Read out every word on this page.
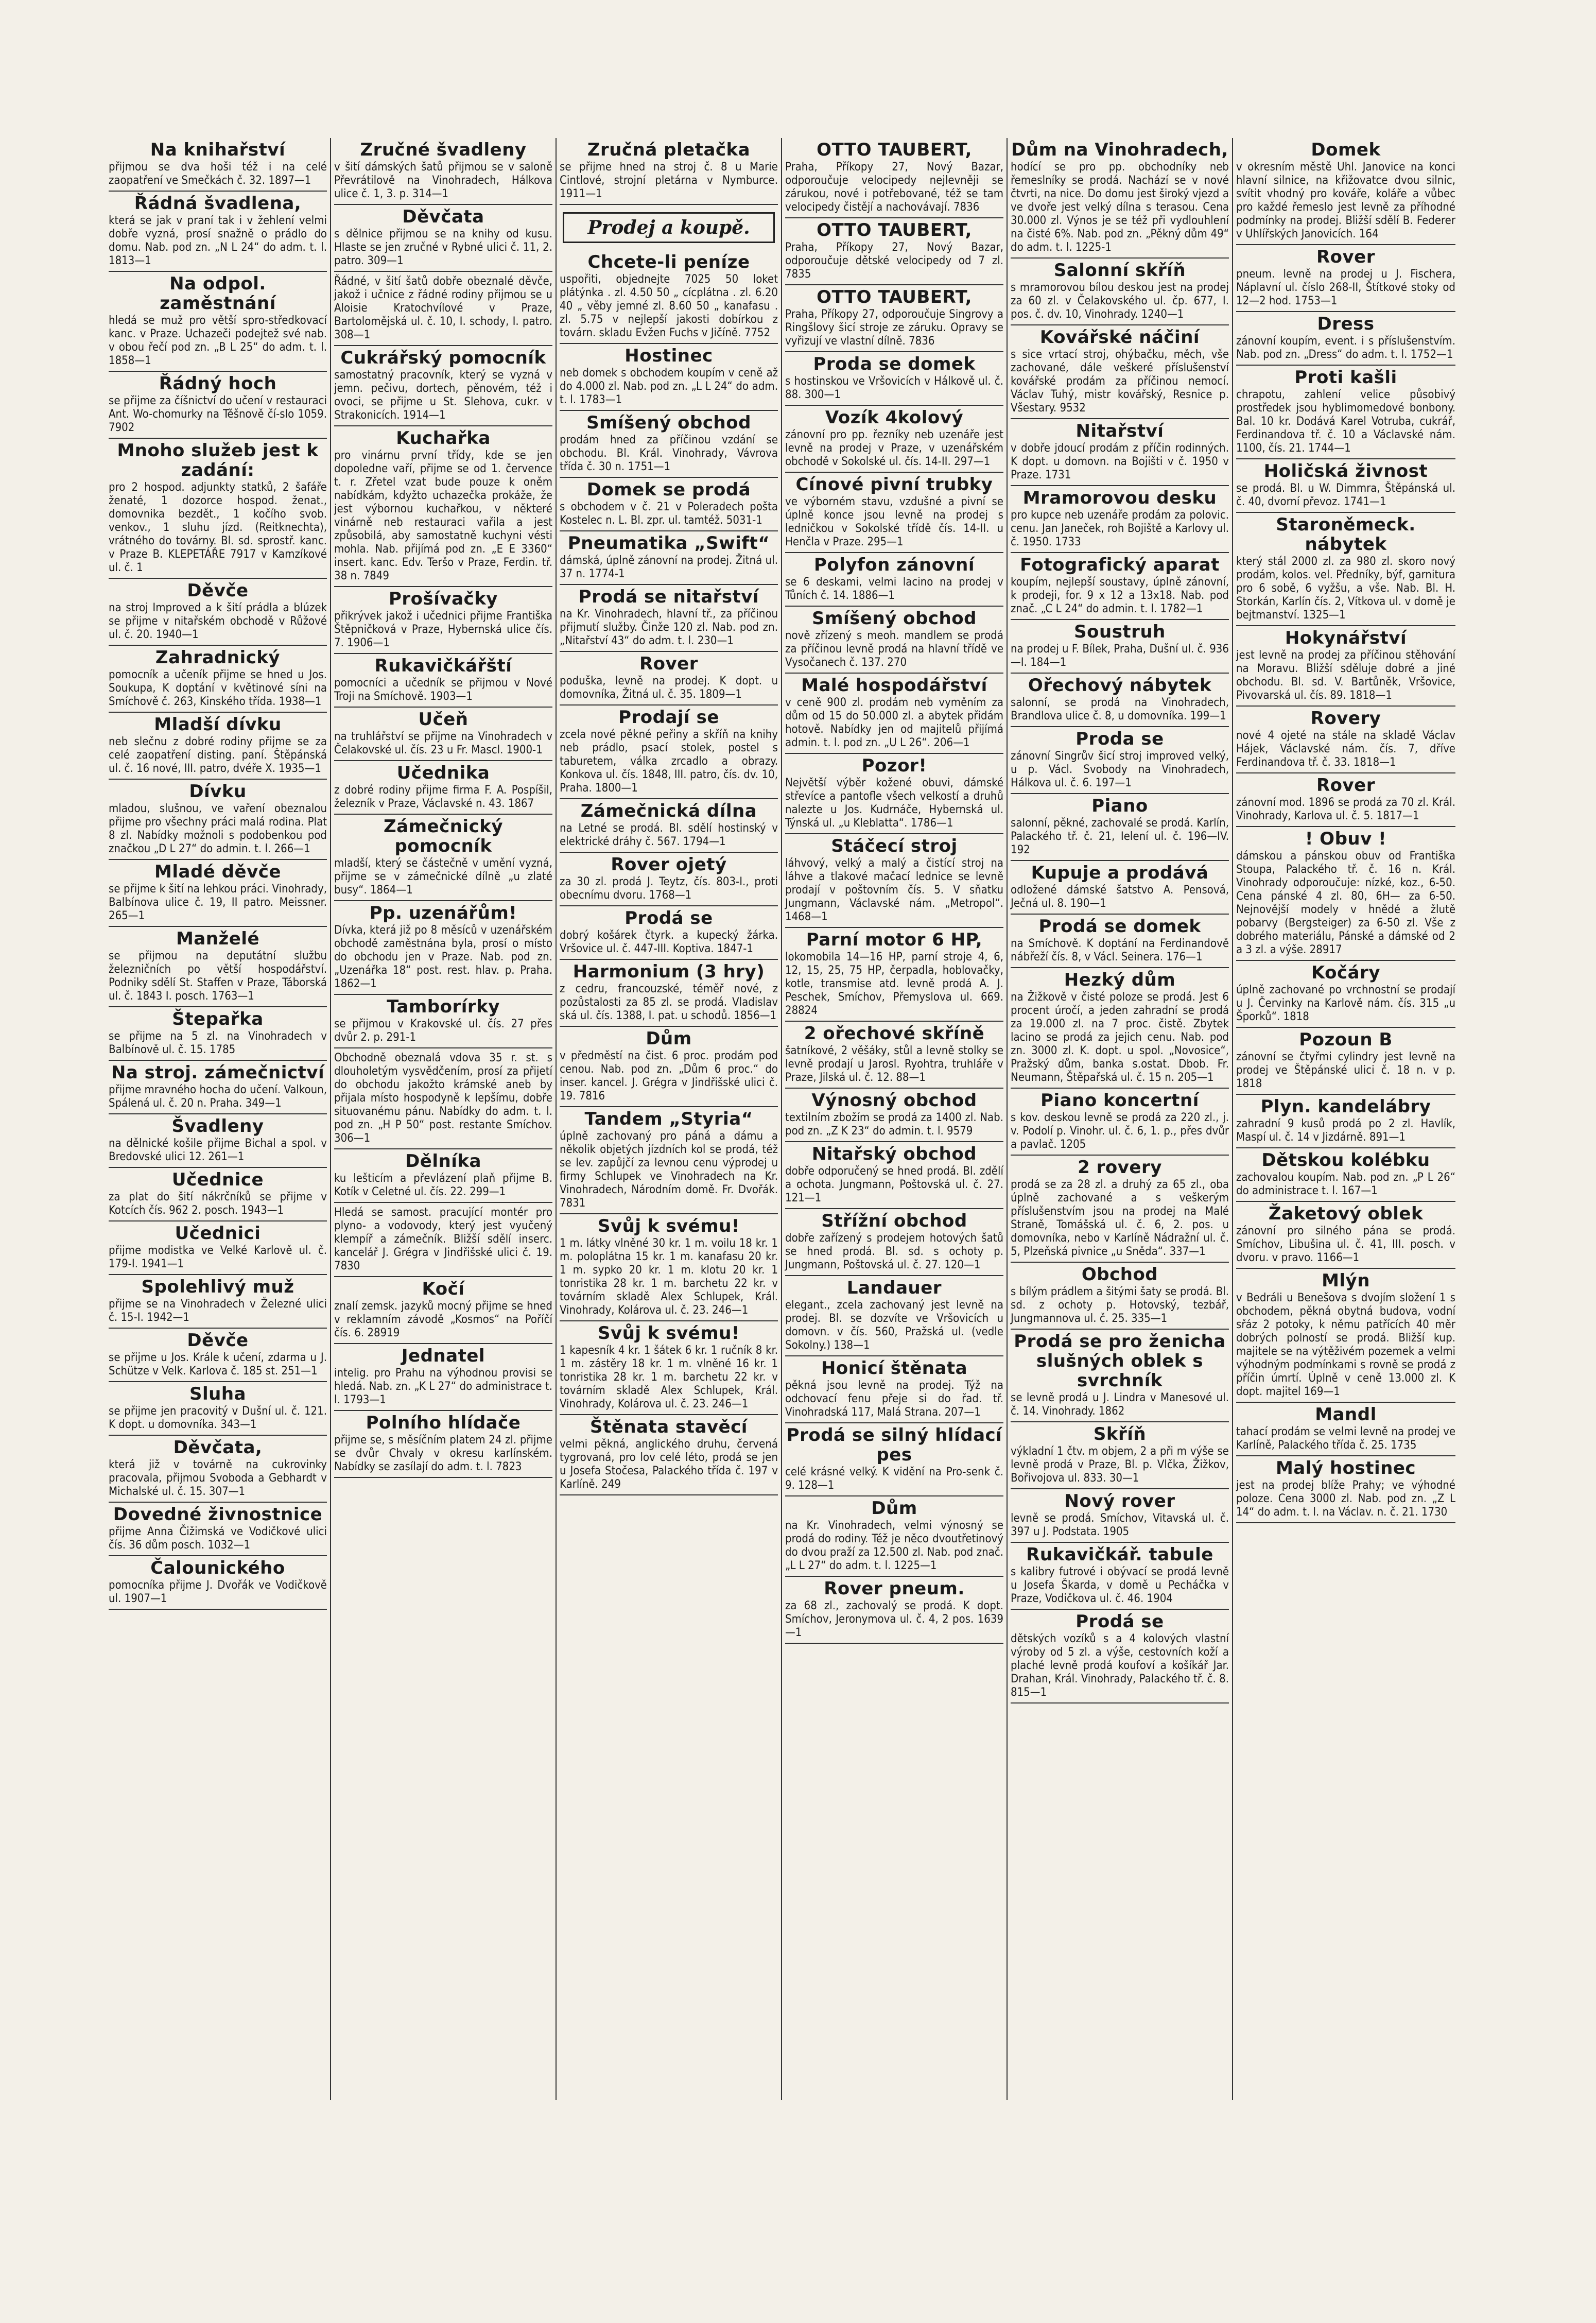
Na knihařství

přijmou se dva hoši též i na celé zaopatření ve Smečkách č. 32. 1897—1

Řádná švadlena,

která se jak v praní tak i v žehlení velmi dobře vyzná, prosí snažně o prádlo do domu. Nab. pod zn. „N L 24“ do adm. t. l. 1813—1

Na odpol. zaměstnání

hledá se muž pro větší spro-středkovací kanc. v Praze. Uchazeči podejtež své nab. v obou řečí pod zn. „B L 25“ do adm. t. l. 1858—1

Řádný hoch

se přijme za číšnictví do učení v restauraci Ant. Wo-chomurky na Těšnově čí-slo 1059. 7902

Mnoho služeb jest k zadání:

pro 2 hospod. adjunkty statků, 2 šafáře ženaté, 1 dozorce hospod. ženat., domovnika bezdět., 1 kočího svob. venkov., 1 sluhu jízd. (Reitknechta), vrátného do továrny. Bl. sd. sprostř. kanc. v Praze B. KLEPETÁŘE 7917 v Kamzíkové ul. č. 1

Děvče

na stroj Improved a k šití prádla a blúzek se přijme v nitařském obchodě v Růžové ul. č. 20. 1940—1

Zahradnický

pomocník a učeník přijme se hned u Jos. Soukupa, K doptání v květinové síni na Smíchově č. 263, Kinského třída. 1938—1

Mladší dívku

neb slečnu z dobré rodiny přijme se za celé zaopatření disting. paní. Štěpánská ul. č. 16 nové, III. patro, dvéře X. 1935—1

Dívku

mladou, slušnou, ve vaření obeznalou přijme pro všechny práci malá rodina. Plat 8 zl. Nabídky možnoli s podobenkou pod značkou „D L 27“ do admin. t. l. 266—1

Mladé děvče

se přijme k šití na lehkou práci. Vinohrady, Balbínova ulice č. 19, II patro. Meissner. 265—1

Manželé

se přijmou na deputátní službu železničních po větší hospodářství. Podniky sdělí St. Staffen v Praze, Táborská ul. č. 1843 I. posch. 1763—1

Štepařka

se přijme na 5 zl. na Vinohradech v Balbínově ul. č. 15. 1785

Na stroj. zámečnictví

přijme mravného hocha do učení. Valkoun, Spálená ul. č. 20 n. Praha. 349—1

Švadleny

na dělnické košile přijme Bichal a spol. v Bredovské ulici 12. 261—1

Učednice

za plat do šití nákrčníků se přijme v Kotcích čís. 962 2. posch. 1943—1

Učednici

přijme modistka ve Velké Karlově ul. č. 179-I. 1941—1

Spolehlivý muž

přijme se na Vinohradech v Železné ulici č. 15-I. 1942—1

Děvče

se přijme u Jos. Krále k učení, zdarma u J. Schütze v Velk. Karlova č. 185 st. 251—1

Sluha

se přijme jen pracovitý v Dušní ul. č. 121. K dopt. u domovníka. 343—1

Děvčata,

která již v továrně na cukrovinky pracovala, přijmou Svoboda a Gebhardt v Michalské ul. č. 15. 307—1

Dovedné živnostnice

přijme Anna Čižimská ve Vodičkové ulici čís. 36 dům posch. 1032—1

Čalounického

pomocníka přijme J. Dvořák ve Vodičkově ul. 1907—1

Zručné švadleny

v šití dámských šatů přijmou se v saloně Převrátilově na Vinohradech, Hálkova ulice č. 1, 3. p. 314—1

Děvčata

s dělnice přijmou se na knihy od kusu. Hlaste se jen zručné v Rybné ulici č. 11, 2. patro. 309—1

Řádné, v šití šatů dobře obeznalé děvče, jakož i učnice z řádné rodiny přijmou se u Aloisie Kratochvílové v Praze, Bartolomějská ul. č. 10, I. schody, I. patro. 308—1

Cukrářský pomocník

samostatný pracovník, který se vyzná v jemn. pečivu, dortech, pěnovém, též i ovoci, se přijme u St. Slehova, cukr. v Strakonicích. 1914—1

Kuchařka

pro vinárnu první třídy, kde se jen dopoledne vaří, přijme se od 1. července t. r. Zřetel vzat bude pouze k oněm nabídkám, kdyžto uchazečka prokáže, že jest výbornou kuchařkou, v některé vinárně neb restauraci vařila a jest způsobilá, aby samostatně kuchyni vésti mohla. Nab. přijímá pod zn. „E E 3360“ insert. kanc. Edv. Teršo v Praze, Ferdin. tř. 38 n. 7849

Prošívačky

přikrývek jakož i učednici přijme Františka Štěpničková v Praze, Hybernská ulice čís. 7. 1906—1

Rukavičkářští

pomocníci a učedník se přijmou v Nové Troji na Smíchově. 1903—1

Učeň

na truhlářství se přijme na Vinohradech v Čelakovské ul. čís. 23 u Fr. Mascl. 1900-1

Učednika

z dobré rodiny přijme firma F. A. Pospíšil, železník v Praze, Václavské n. 43. 1867

Zámečnický pomocník

mladší, který se částečně v umění vyzná, přijme se v zámečnické dílně „u zlaté busy“. 1864—1

Pp. uzenářům!

Dívka, která již po 8 měsíců v uzenářském obchodě zaměstnána byla, prosí o místo do obchodu jen v Praze. Nab. pod zn. „Uzenářka 18“ post. rest. hlav. p. Praha. 1862—1

Tamborírky

se přijmou v Krakovské ul. čís. 27 přes dvůr 2. p. 291-1

Obchodně obeznalá vdova 35 r. st. s dlouholetým vysvědčením, prosí za přijetí do obchodu jakožto krámské aneb by přijala místo hospodyně k lepšímu, dobře situovanému pánu. Nabídky do adm. t. l. pod zn. „H P 50“ post. restante Smíchov. 306—1

Dělníka

ku lešticím a převlázení plaň přijme B. Kotík v Celetné ul. čís. 22. 299—1

Hledá se samost. pracující montér pro plyno- a vodovody, který jest vyučený klempíř a zámečník. Bližší sdělí inserc. kancelář J. Grégra v Jindřišské ulici č. 19. 7830

Kočí

znalí zemsk. jazyků mocný přijme se hned v reklamním závodě „Kosmos“ na Poříčí čís. 6. 28919

Jednatel

intelig. pro Prahu na výhodnou provisi se hledá. Nab. zn. „K L 27“ do administrace t. l. 1793—1

Polního hlídače

přijme se, s měsíčním platem 24 zl. přijme se dvůr Chvaly v okresu karlínském. Nabídky se zasílají do adm. t. l. 7823

Zručná pletačka

se přijme hned na stroj č. 8 u Marie Cintlové, strojní pletárna v Nymburce. 1911—1

Prodej a koupě.
Chcete-li peníze

uspořiti, objednejte 7025 50 loket plátýnka . zl. 4.50 50 „ cícplátna . zl. 6.20 40 „ věby jemné zl. 8.60 50 „ kanafasu . zl. 5.75 v nejlepší jakosti dobírkou z továrn. skladu Evžen Fuchs v Jičíně. 7752

Hostinec

neb domek s obchodem koupím v ceně až do 4.000 zl. Nab. pod zn. „L L 24“ do adm. t. l. 1783—1

Smíšený obchod

prodám hned za příčinou vzdání se obchodu. Bl. Král. Vinohrady, Vávrova třída č. 30 n. 1751—1

Domek se prodá

s obchodem v č. 21 v Poleradech pošta Kostelec n. L. Bl. zpr. ul. tamtéž. 5031-1

Pneumatika „Swift“

dámská, úplně zánovní na prodej. Žitná ul. 37 n. 1774-1

Prodá se nitařství

na Kr. Vinohradech, hlavní tř., za příčinou přijmutí služby. Činže 120 zl. Nab. pod zn. „Nitařství 43“ do adm. t. l. 230—1

Rover

poduška, levně na prodej. K dopt. u domovníka, Žitná ul. č. 35. 1809—1

Prodají se

zcela nové pěkné peřiny a skříň na knihy neb prádlo, psací stolek, postel s taburetem, válka zrcadlo a obrazy. Konkova ul. čís. 1848, III. patro, čís. dv. 10, Praha. 1800—1

Zámečnická dílna

na Letné se prodá. Bl. sdělí hostinský v elektrické dráhy č. 567. 1794—1

Rover ojetý

za 30 zl. prodá J. Teytz, čís. 803-I., proti obecnímu dvoru. 1768—1

Prodá se

dobrý košárek čtyrk. a kupecký žárka. Vršovice ul. č. 447-III. Koptiva. 1847-1

Harmonium (3 hry)

z cedru, francouzské, téměř nové, z pozůstalosti za 85 zl. se prodá. Vladislav ská ul. čís. 1388, I. pat. u schodů. 1856—1

Dům

v předměstí na čist. 6 proc. prodám pod cenou. Nab. pod zn. „Dům 6 proc.“ do inser. kancel. J. Grégra v Jindřišské ulici č. 19. 7816

Tandem „Styria“

úplně zachovaný pro páná a dámu a několik objetých jízdních kol se prodá, též se lev. zapůjčí za levnou cenu výprodej u firmy Schlupek ve Vinohradech na Kr. Vinohradech, Národním domě. Fr. Dvořák. 7831

Svůj k svému!

1 m. látky vlněné 30 kr. 1 m. voilu 18 kr. 1 m. poloplátna 15 kr. 1 m. kanafasu 20 kr. 1 m. sypko 20 kr. 1 m. klotu 20 kr. 1 tonristika 28 kr. 1 m. barchetu 22 kr. v továrním skladě Alex Schlupek, Král. Vinohrady, Kolárova ul. č. 23. 246—1

Svůj k svému!

1 kapesník 4 kr. 1 šátek 6 kr. 1 ručník 8 kr. 1 m. zástěry 18 kr. 1 m. vlněné 16 kr. 1 tonristika 28 kr. 1 m. barchetu 22 kr. v továrním skladě Alex Schlupek, Král. Vinohrady, Kolárova ul. č. 23. 246—1

Štěnata stavěcí

velmi pěkná, anglického druhu, červená tygrovaná, pro lov celé léto, prodá se jen u Josefa Stočesa, Palackého třída č. 197 v Karlíně. 249

OTTO TAUBERT,

Praha, Příkopy 27, Nový Bazar, odporoučuje velocipedy nejlevněji se zárukou, nové i potřebované, též se tam velocipedy čistějí a nachovávají. 7836

OTTO TAUBERT,

Praha, Příkopy 27, Nový Bazar, odporoučuje dětské velocipedy od 7 zl. 7835

OTTO TAUBERT,

Praha, Příkopy 27, odporoučuje Singrovy a Ringšlovy šicí stroje ze záruku. Opravy se vyřizují ve vlastní dílně. 7836

Proda se domek

s hostinskou ve Vršovicích v Hálkově ul. č. 88. 300—1

Vozík 4kolový

zánovní pro pp. řezníky neb uzenáře jest levně na prodej v Praze, v uzenářském obchodě v Sokolské ul. čís. 14-II. 297—1

Cínové pivní trubky

ve výborném stavu, vzdušné a pivní se úplně konce jsou levně na prodej s ledničkou v Sokolské třídě čís. 14-II. u Henčla v Praze. 295—1

Polyfon zánovní

se 6 deskami, velmi lacino na prodej v Tůních č. 14. 1886—1

Smíšený obchod

nově zřízený s meoh. mandlem se prodá za příčinou levně prodá na hlavní třídě ve Vysočanech č. 137. 270

Malé hospodářství

v ceně 900 zl. prodám neb vyměním za dům od 15 do 50.000 zl. a abytek přidám hotově. Nabídky jen od majitelů přijímá admin. t. l. pod zn. „U L 26“. 206—1

Pozor!

Největší výběr kožené obuvi, dámské střevíce a pantofle všech velkostí a druhů nalezte u Jos. Kudrnáče, Hybernská ul. Týnská ul. „u Kleblatta“. 1786—1

Stáčecí stroj

láhvový, velký a malý a čistící stroj na láhve a tlakové mačací lednice se levně prodají v poštovním čís. 5. V sňatku Jungmann, Václavské nám. „Metropol“. 1468—1

Parní motor 6 HP,

lokomobila 14—16 HP, parní stroje 4, 6, 12, 15, 25, 75 HP, čerpadla, hoblovačky, kotle, transmise atd. levně prodá A. J. Peschek, Smíchov, Přemyslova ul. 669. 28824

2 ořechové skříně

šatníkové, 2 věšáky, stůl a levně stolky se levně prodají u Jarosl. Ryohtra, truhláře v Praze, Jilská ul. č. 12. 88—1

Výnosný obchod

textilním zbožím se prodá za 1400 zl. Nab. pod zn. „Z K 23“ do admin. t. l. 9579

Nitařský obchod

dobře odporučený se hned prodá. Bl. zdělí a ochota. Jungmann, Poštovská ul. č. 27. 121—1

Střížní obchod

dobře zařízený s prodejem hotových šatů se hned prodá. Bl. sd. s ochoty p. Jungmann, Poštovská ul. č. 27. 120—1

Landauer

elegant., zcela zachovaný jest levně na prodej. Bl. se dozvíte ve Vršovicích u domovn. v čís. 560, Pražská ul. (vedle Sokolny.) 138—1

Honicí štěnata

pěkná jsou levně na prodej. Týž na odchovací fenu přeje si do řad. tř. Vinohradská 117, Malá Strana. 207—1

Prodá se silný hlídací pes

celé krásné velký. K vidění na Pro-senk č. 9. 128—1

Dům

na Kr. Vinohradech, velmi výnosný se prodá do rodiny. Též je něco dvoutřetinový do dvou praží za 12.500 zl. Nab. pod znač. „L L 27“ do adm. t. l. 1225—1

Rover pneum.

za 68 zl., zachovalý se prodá. K dopt. Smíchov, Jeronymova ul. č. 4, 2 pos. 1639—1

Dům na Vinohradech,

hodící se pro pp. obchodníky neb řemeslníky se prodá. Nachází se v nové čtvrti, na nice. Do domu jest široký vjezd a ve dvoře jest velký dílna s terasou. Cena 30.000 zl. Výnos je se též při vydlouhlení na čisté 6%. Nab. pod zn. „Pěkný dům 49“ do adm. t. l. 1225-1

Salonní skříň

s mramorovou bílou deskou jest na prodej za 60 zl. v Čelakovského ul. čp. 677, I. pos. č. dv. 10, Vinohrady. 1240—1

Kovářské náčiní

s sice vrtací stroj, ohýbačku, měch, vše zachované, dále veškeré příslušenství kovářské prodám za příčinou nemocí. Václav Tuhý, mistr kovářský, Resnice p. Všestary. 9532

Nitařství

v dobře jdoucí prodám z příčin rodinných. K dopt. u domovn. na Bojišti v č. 1950 v Praze. 1731

Mramorovou desku

pro kupce neb uzenáře prodám za polovic. cenu. Jan Janeček, roh Bojiště a Karlovy ul. č. 1950. 1733

Fotografický aparat

koupím, nejlepší soustavy, úplně zánovní, k prodeji, for. 9 x 12 a 13x18. Nab. pod znač. „C L 24“ do admin. t. l. 1782—1

Soustruh

na prodej u F. Bílek, Praha, Dušní ul. č. 936—I. 184—1

Ořechový nábytek

salonní, se prodá na Vinohradech, Brandlova ulice č. 8, u domovníka. 199—1

Proda se

zánovní Singrův šicí stroj improved velký, u p. Václ. Svobody na Vinohradech, Hálkova ul. č. 6. 197—1

Piano

salonní, pěkné, zachovalé se prodá. Karlín, Palackého tř. č. 21, Ielení ul. č. 196—IV. 192

Kupuje a prodává

odložené dámské šatstvo A. Pensová, Ječná ul. 8. 190—1

Prodá se domek

na Smíchově. K doptání na Ferdinandově nábřeží čís. 8, v Václ. Seinera. 176—1

Hezký dům

na Žižkově v čisté poloze se prodá. Jest 6 procent úročí, a jeden zahradní se prodá za 19.000 zl. na 7 proc. čistě. Zbytek lacino se prodá za jejich cenu. Nab. pod zn. 3000 zl. K. dopt. u spol. „Novosice“, Pražský dům, banka s.ostat. Dbob. Fr. Neumann, Štěpařská ul. č. 15 n. 205—1

Piano koncertní

s kov. deskou levně se prodá za 220 zl., j. v. Podolí p. Vinohr. ul. č. 6, 1. p., přes dvůr a pavlač. 1205

2 rovery

prodá se za 28 zl. a druhý za 65 zl., oba úplně zachované a s veškerým příslušenstvím jsou na prodej na Malé Straně, Tomášská ul. č. 6, 2. pos. u domovníka, nebo v Karlíně Nádražní ul. č. 5, Plzeňská pivnice „u Sněda“. 337—1

Obchod

s bílým prádlem a šitými šaty se prodá. Bl. sd. z ochoty p. Hotovský, tezbář, Jungmannova ul. č. 25. 335—1

Prodá se pro ženicha slušných oblek s svrchník

se levně prodá u J. Lindra v Manesové ul. č. 14. Vinohrady. 1862

Skříň

výkladní 1 čtv. m objem, 2 a při m výše se levně prodá v Praze, Bl. p. Vlčka, Žižkov, Bořivojova ul. 833. 30—1

Nový rover

levně se prodá. Smíchov, Vitavská ul. č. 397 u J. Podstata. 1905

Rukavičkář. tabule

s kalibry futrové i obývací se prodá levně u Josefa Škarda, v domě u Pecháčka v Praze, Vodičkova ul. č. 46. 1904

Prodá se

dětských vozíků s a 4 kolových vlastní výroby od 5 zl. a výše, cestovních koží a plaché levně prodá koufoví a košíkář Jar. Drahan, Král. Vinohrady, Palackého tř. č. 8. 815—1

Domek

v okresním městě Uhl. Janovice na konci hlavní silnice, na křižovatce dvou silnic, svítit vhodný pro kováře, koláře a vůbec pro každé řemeslo jest levně za příhodné podmínky na prodej. Bližší sdělí B. Federer v Uhlířských Janovicích. 164

Rover

pneum. levně na prodej u J. Fischera, Náplavní ul. číslo 268-II, Štítkové stoky od 12—2 hod. 1753—1

Dress

zánovní koupím, event. i s příslušenstvím. Nab. pod zn. „Dress“ do adm. t. l. 1752—1

Proti kašli

chrapotu, zahlení velice působivý prostředek jsou hyblimomedové bonbony. Bal. 10 kr. Dodává Karel Votruba, cukrář, Ferdinandova tř. č. 10 a Václavské nám. 1100, čís. 21. 1744—1

Holičská živnost

se prodá. Bl. u W. Dimmra, Štěpánská ul. č. 40, dvorní převoz. 1741—1

Staroněmeck. nábytek

který stál 2000 zl. za 980 zl. skoro nový prodám, kolos. vel. Předníky, býf, garnitura pro 6 sobě, 6 vyžšu, a vše. Nab. Bl. H. Storkán, Karlín čís. 2, Vítkova ul. v domě je bejtmanství. 1325—1

Hokynářství

jest levně na prodej za příčinou stěhování na Moravu. Bližší sděluje dobré a jiné obchodu. Bl. sd. V. Bartůněk, Vršovice, Pivovarská ul. čís. 89. 1818—1

Rovery

nové 4 ojeté na stále na skladě Václav Hájek, Václavské nám. čís. 7, dříve Ferdinandova tř. č. 33. 1818—1

Rover

zánovní mod. 1896 se prodá za 70 zl. Král. Vinohrady, Karlova ul. č. 5. 1817—1

! Obuv !

dámskou a pánskou obuv od Františka Stoupa, Palackého tř. č. 16 n. Král. Vinohrady odporoučuje: nízké, koz., 6-50. Cena pánské 4 zl. 80, 6H— za 6-50. Nejnovější modely v hnědé a žlutě pobarvy (Bergsteiger) za 6-50 zl. Vše z dobrého materiálu, Pánské a dámské od 2 a 3 zl. a výše. 28917

Kočáry

úplně zachované po vrchnostní se prodají u J. Červinky na Karlově nám. čís. 315 „u Šporků“. 1818

Pozoun B

zánovní se čtyřmi cylindry jest levně na prodej ve Štěpánské ulici č. 18 n. v p. 1818

Plyn. kandelábry

zahradní 9 kusů prodá po 2 zl. Havlík, Maspí ul. č. 14 v Jizdárně. 891—1

Dětskou kolébku

zachovalou koupím. Nab. pod zn. „P L 26“ do administrace t. l. 167—1

Žaketový oblek

zánovní pro silného pána se prodá. Smíchov, Libušina ul. č. 41, III. posch. v dvoru. v pravo. 1166—1

Mlýn

v Bedráli u Benešova s dvojím složení 1 s obchodem, pěkná obytná budova, vodní sřáz 2 potoky, k němu patřících 40 měr dobrých polností se prodá. Bližší kup. majitele se na výtěživém pozemek a velmi výhodným podmínkami s rovně se prodá z příčin úmrtí. Úplně v ceně 13.000 zl. K dopt. majitel 169—1

Mandl

tahací prodám se velmi levně na prodej ve Karlíně, Palackého třída č. 25. 1735

Malý hostinec

jest na prodej blíže Prahy; ve výhodné poloze. Cena 3000 zl. Nab. pod zn. „Z L 14“ do adm. t. l. na Václav. n. č. 21. 1730
